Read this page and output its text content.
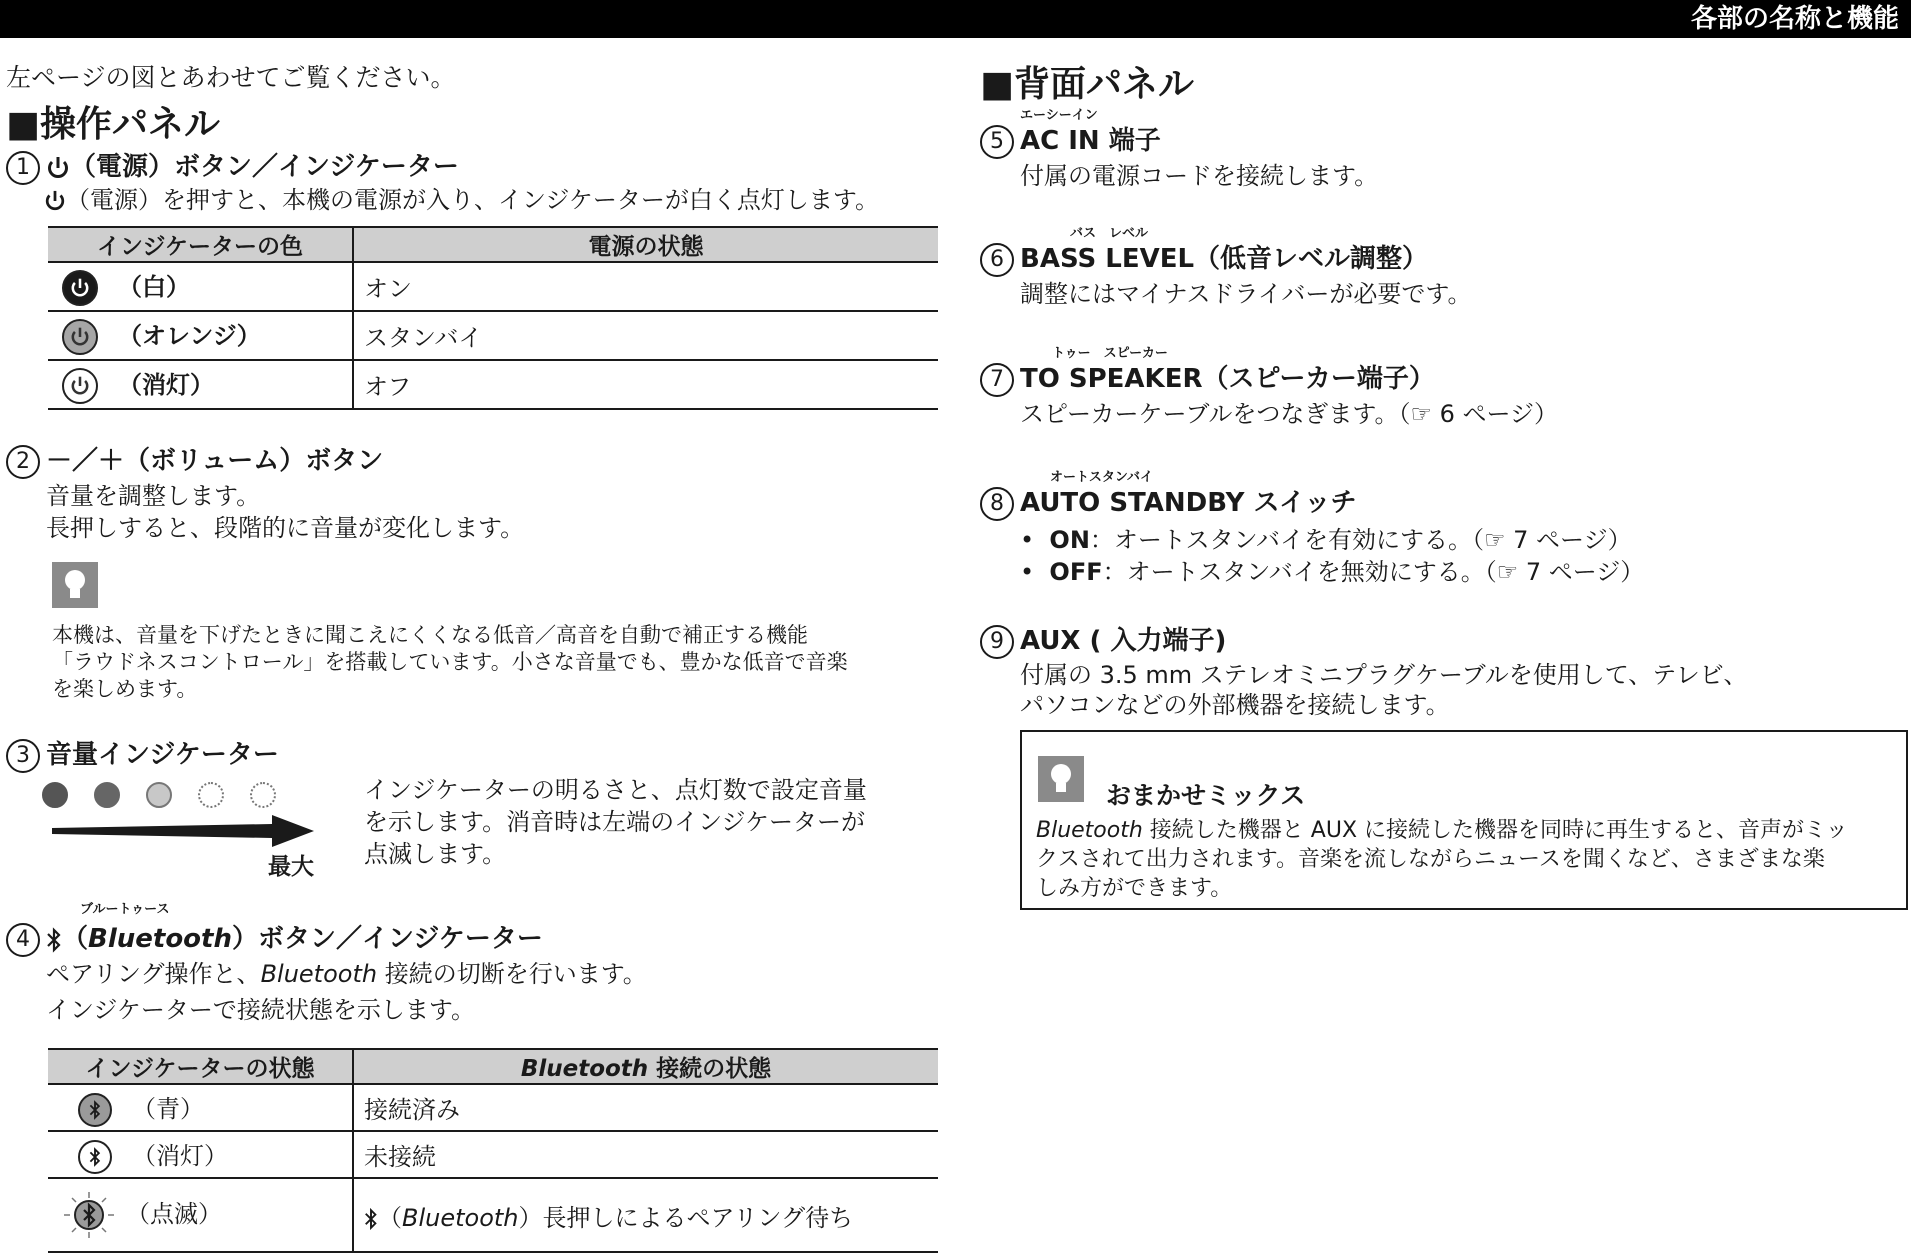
各部の名称と機能
左ページの図とあわせてご覧ください。
■操作パネル
1 （電源）ボタン／インジケーター
（電源）を押すと、本機の電源が入り、インジケーターが白く点灯します。
インジケーターの色	電源の状態

（白）	オン

（オレンジ）	スタンバイ

（消灯）	オフ
2 －／＋（ボリューム）ボタン
音量を調整します。
長押しすると、段階的に音量が変化します。
本機は、音量を下げたときに聞こえにくくなる低音／高音を自動で補正する機能
「ラウドネスコントロール」を搭載しています。小さな音量でも、豊かな低音で音楽
を楽しめます。
3 音量インジケーター
最大
インジケーターの明るさと、点灯数で設定音量
を示します。消音時は左端のインジケーターが
点滅します。
ブルートゥース
4 （Bluetooth）ボタン／インジケーター
ペアリング操作と、Bluetooth 接続の切断を行います。
インジケーターで接続状態を示します。
インジケーターの状態	Bluetooth 接続の状態

（青）	接続済み

（消灯）	未接続
（点滅）	（Bluetooth）長押しによるペアリング待ち
■背面パネル
エーシーイン
5 AC IN 端子
付属の電源コードを接続します。
バス　レベル
6 BASS LEVEL（低音レベル調整）
調整にはマイナスドライバーが必要です。
トゥー　スピーカー
7 TO SPEAKER（スピーカー端子）
スピーカーケーブルをつなぎます。（☞ 6 ページ）
オートスタンバイ
8 AUTO STANDBY スイッチ
•  ON：オートスタンバイを有効にする。（☞ 7 ページ）
•  OFF：オートスタンバイを無効にする。（☞ 7 ページ）
9 AUX ( 入力端子)
付属の 3.5 mm ステレオミニプラグケーブルを使用して、テレビ、
パソコンなどの外部機器を接続します。
おまかせミックス
Bluetooth 接続した機器と AUX に接続した機器を同時に再生すると、音声がミッ
クスされて出力されます。音楽を流しながらニュースを聞くなど、さまざまな楽
しみ方ができます。
